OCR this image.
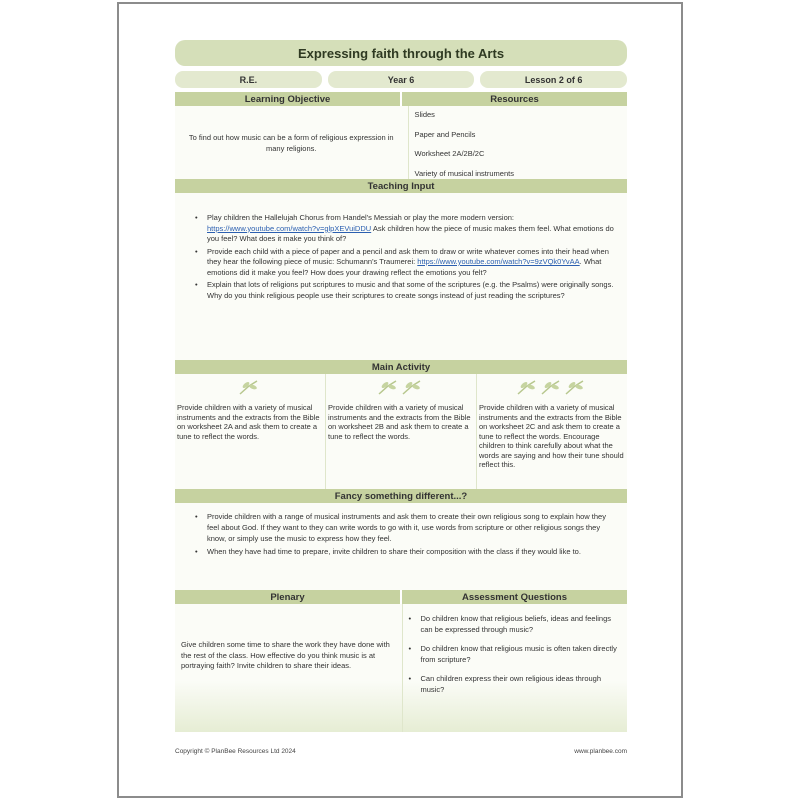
Expressing faith through the Arts
R.E.	Year 6	Lesson 2 of 6
Learning Objective	Resources
To find out how music can be a form of religious expression in many religions.
Slides
Paper and Pencils
Worksheet 2A/2B/2C
Variety of musical instruments
Teaching Input
• Play children the Hallelujah Chorus from Handel's Messiah or play the more modern version: https://www.youtube.com/watch?v=glpXEVuiDDU Ask children how the piece of music makes them feel. What emotions do you feel? What does it make you think of?
• Provide each child with a piece of paper and a pencil and ask them to draw or write whatever comes into their head when they hear the following piece of music: Schumann's Traumerei: https://www.youtube.com/watch?v=9zVQk0YvAA. What emotions did it make you feel? How does your drawing reflect the emotions you felt?
• Explain that lots of religions put scriptures to music and that some of the scriptures (e.g. the Psalms) were originally songs. Why do you think religious people use their scriptures to create songs instead of just reading the scriptures?
Main Activity
Provide children with a variety of musical instruments and the extracts from the Bible on worksheet 2A and ask them to create a tune to reflect the words.
Provide children with a variety of musical instruments and the extracts from the Bible on worksheet 2B and ask them to create a tune to reflect the words.
Provide children with a variety of musical instruments and the extracts from the Bible on worksheet 2C and ask them to create a tune to reflect the words. Encourage children to think carefully about what the words are saying and how their tune should reflect this.
Fancy something different...?
• Provide children with a range of musical instruments and ask them to create their own religious song to explain how they feel about God. If they want to they can write words to go with it, use words from scripture or other religious songs they know, or simply use the music to express how they feel.
• When they have had time to prepare, invite children to share their composition with the class if they would like to.
Plenary	Assessment Questions
Give children some time to share the work they have done with the rest of the class. How effective do you think music is at portraying faith? Invite children to share their ideas.
• Do children know that religious beliefs, ideas and feelings can be expressed through music?
• Do children know that religious music is often taken directly from scripture?
• Can children express their own religious ideas through music?
Copyright © PlanBee Resources Ltd 2024	www.planbee.com
